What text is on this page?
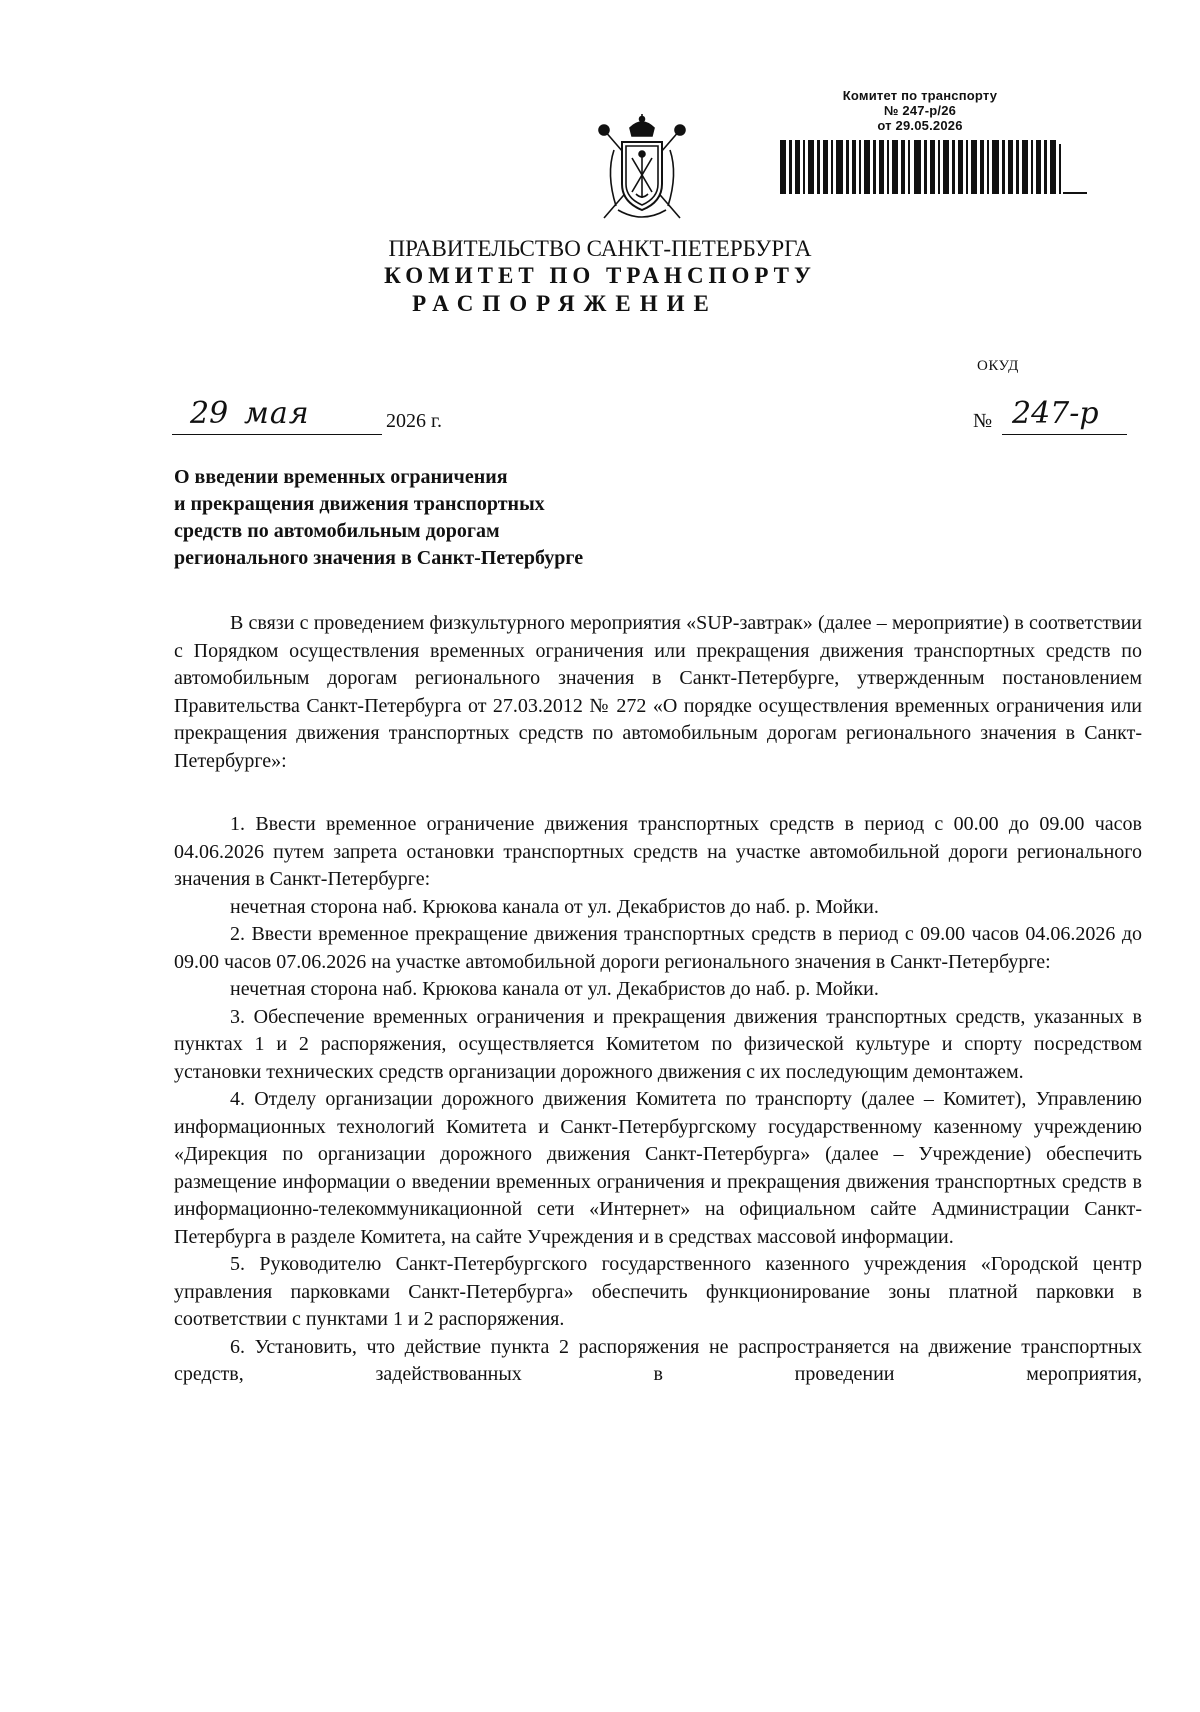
Комитет по транспорту
№ 247-р/26
от 29.05.2026
ПРАВИТЕЛЬСТВО САНКТ-ПЕТЕРБУРГА
КОМИТЕТ ПО ТРАНСПОРТУ
РАСПОРЯЖЕНИЕ
ОКУД
29 мая	2026 г.	№ 247-р
О введении временных ограничения
и прекращения движения транспортных
средств по автомобильным дорогам
регионального значения в Санкт-Петербурге

В связи с проведением физкультурного мероприятия «SUP-завтрак» (далее – мероприятие) в соответствии с Порядком осуществления временных ограничения или прекращения движения транспортных средств по автомобильным дорогам регионального значения в Санкт-Петербурге, утвержденным постановлением Правительства Санкт-Петербурга от 27.03.2012 № 272 «О порядке осуществления временных ограничения или прекращения движения транспортных средств по автомобильным дорогам регионального значения в Санкт-Петербурге»:

1. Ввести временное ограничение движения транспортных средств в период с 00.00 до 09.00 часов 04.06.2026 путем запрета остановки транспортных средств на участке автомобильной дороги регионального значения в Санкт-Петербурге:

нечетная сторона наб. Крюкова канала от ул. Декабристов до наб. р. Мойки.

2. Ввести временное прекращение движения транспортных средств в период с 09.00 часов 04.06.2026 до 09.00 часов 07.06.2026 на участке автомобильной дороги регионального значения в Санкт-Петербурге:

нечетная сторона наб. Крюкова канала от ул. Декабристов до наб. р. Мойки.

3. Обеспечение временных ограничения и прекращения движения транспортных средств, указанных в пунктах 1 и 2 распоряжения, осуществляется Комитетом по физической культуре и спорту посредством установки технических средств организации дорожного движения с их последующим демонтажем.

4. Отделу организации дорожного движения Комитета по транспорту (далее – Комитет), Управлению информационных технологий Комитета и Санкт-Петербургскому государственному казенному учреждению «Дирекция по организации дорожного движения Санкт-Петербурга» (далее – Учреждение) обеспечить размещение информации о введении временных ограничения и прекращения движения транспортных средств в информационно-телекоммуникационной сети «Интернет» на официальном сайте Администрации Санкт-Петербурга в разделе Комитета, на сайте Учреждения и в средствах массовой информации.

5. Руководителю Санкт-Петербургского государственного казенного учреждения «Городской центр управления парковками Санкт-Петербурга» обеспечить функционирование зоны платной парковки в соответствии с пунктами 1 и 2 распоряжения.

6. Установить, что действие пункта 2 распоряжения не распространяется на движение транспортных средств, задействованных в проведении мероприятия,
